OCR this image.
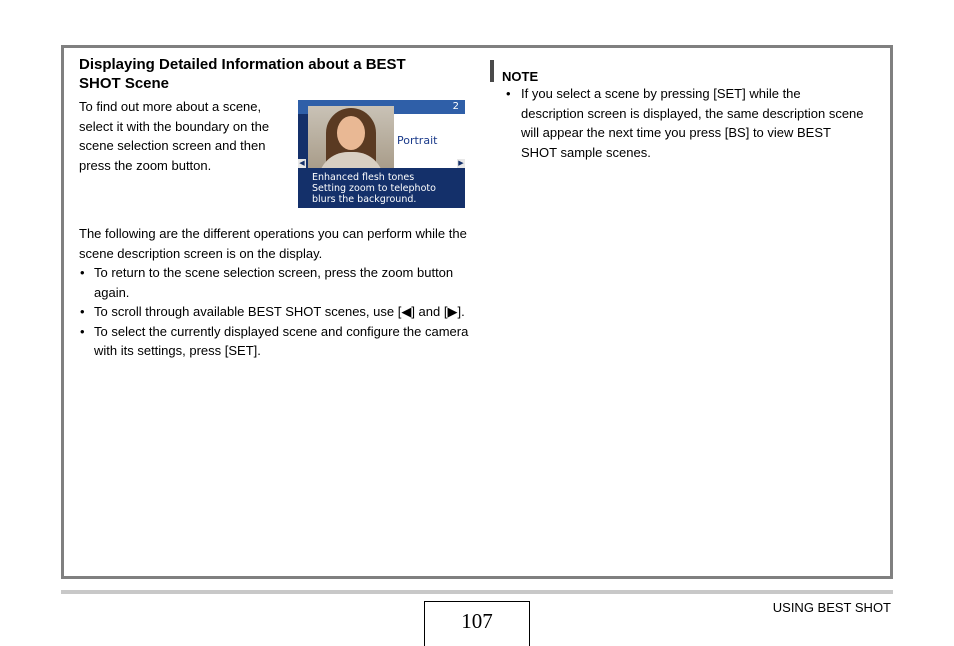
Displaying Detailed Information about a BEST SHOT Scene

To find out more about a scene, select it with the boundary on the scene selection screen and then press the zoom button.

Portrait
2
◀	▶
Enhanced flesh tones
Setting zoom to telephoto
blurs the background.

The following are the different operations you can perform while the scene description screen is on the display.

• To return to the scene selection screen, press the zoom button again.
• To scroll through available BEST SHOT scenes, use [◀] and [▶].
• To select the currently displayed scene and configure the camera with its settings, press [SET].
NOTE
• If you select a scene by pressing [SET] while the description screen is displayed, the same description scene will appear the next time you press [BS] to view BEST SHOT sample scenes.
107
USING BEST SHOT
